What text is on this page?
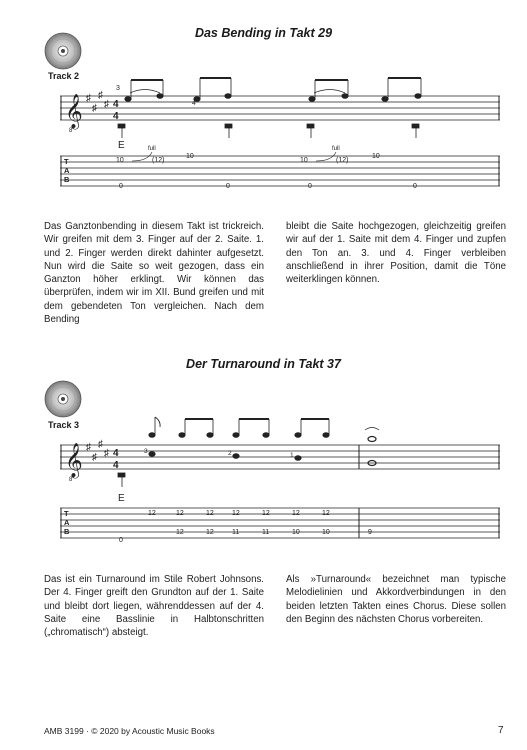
Das Bending in Takt 29
Track 2
𝄞 ♯
♯
♯
♯ 4
4
3
4
E
8
T
A
B
full	full
10	(12)
10
10	(12)
10
0	0	0	0

Das Ganztonbending in diesem Takt ist trickreich. Wir greifen mit dem 3. Finger auf der 2. Saite. 1. und 2. Finger werden direkt dahinter aufgesetzt. Nun wird die Saite so weit gezogen, dass ein Ganzton höher erklingt. Wir können das überprüfen, indem wir im XII. Bund greifen und mit dem gebendeten Ton vergleichen. Nach dem Bending

bleibt die Saite hochgezogen, gleichzeitig greifen wir auf der 1. Saite mit dem 4. Finger und zupfen den Ton an. 3. und 4. Finger verbleiben anschließend in ihrer Position, damit die Töne weiterklingen können.

Der Turnaround in Takt 37
Track 3
𝄞 ♯
♯
♯
♯ 4
4
8
3	2	1
E
T
A
B
12	12	12	12	12	12	12
12	12	11	11	10	10
0
9

Das ist ein Turnaround im Stile Robert Johnsons. Der 4. Finger greift den Grundton auf der 1. Saite und bleibt dort liegen, währenddessen auf der 4. Saite eine Basslinie in Halbtonschritten („chromatisch“) absteigt.

Als »Turnaround« bezeichnet man typische Melodielinien und Akkordverbindungen in den beiden letzten Takten eines Chorus. Diese sollen den Beginn des nächsten Chorus vorbereiten.

AMB 3199 · © 2020 by Acoustic Music Books	7
